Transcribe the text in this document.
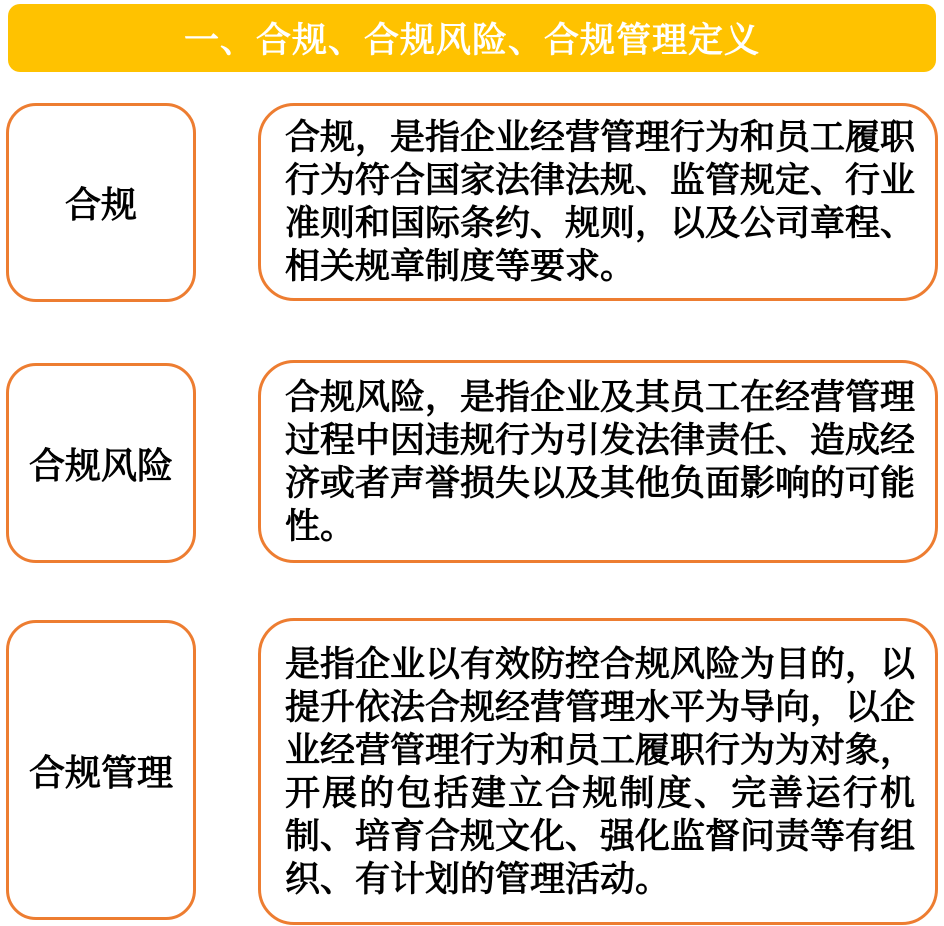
一、合规、合规风险、合规管理定义
合规
合规，是指企业经营管理行为和员工履职行为符合国家法律法规、监管规定、行业准则和国际条约、规则，以及公司章程、相关规章制度等要求。
合规风险
合规风险，是指企业及其员工在经营管理过程中因违规行为引发法律责任、造成经济或者声誉损失以及其他负面影响的可能性。
合规管理
是指企业以有效防控合规风险为目的，以提升依法合规经营管理水平为导向，以企业经营管理行为和员工履职行为为对象，开展的包括建立合规制度、完善运行机制、培育合规文化、强化监督问责等有组织、有计划的管理活动。
